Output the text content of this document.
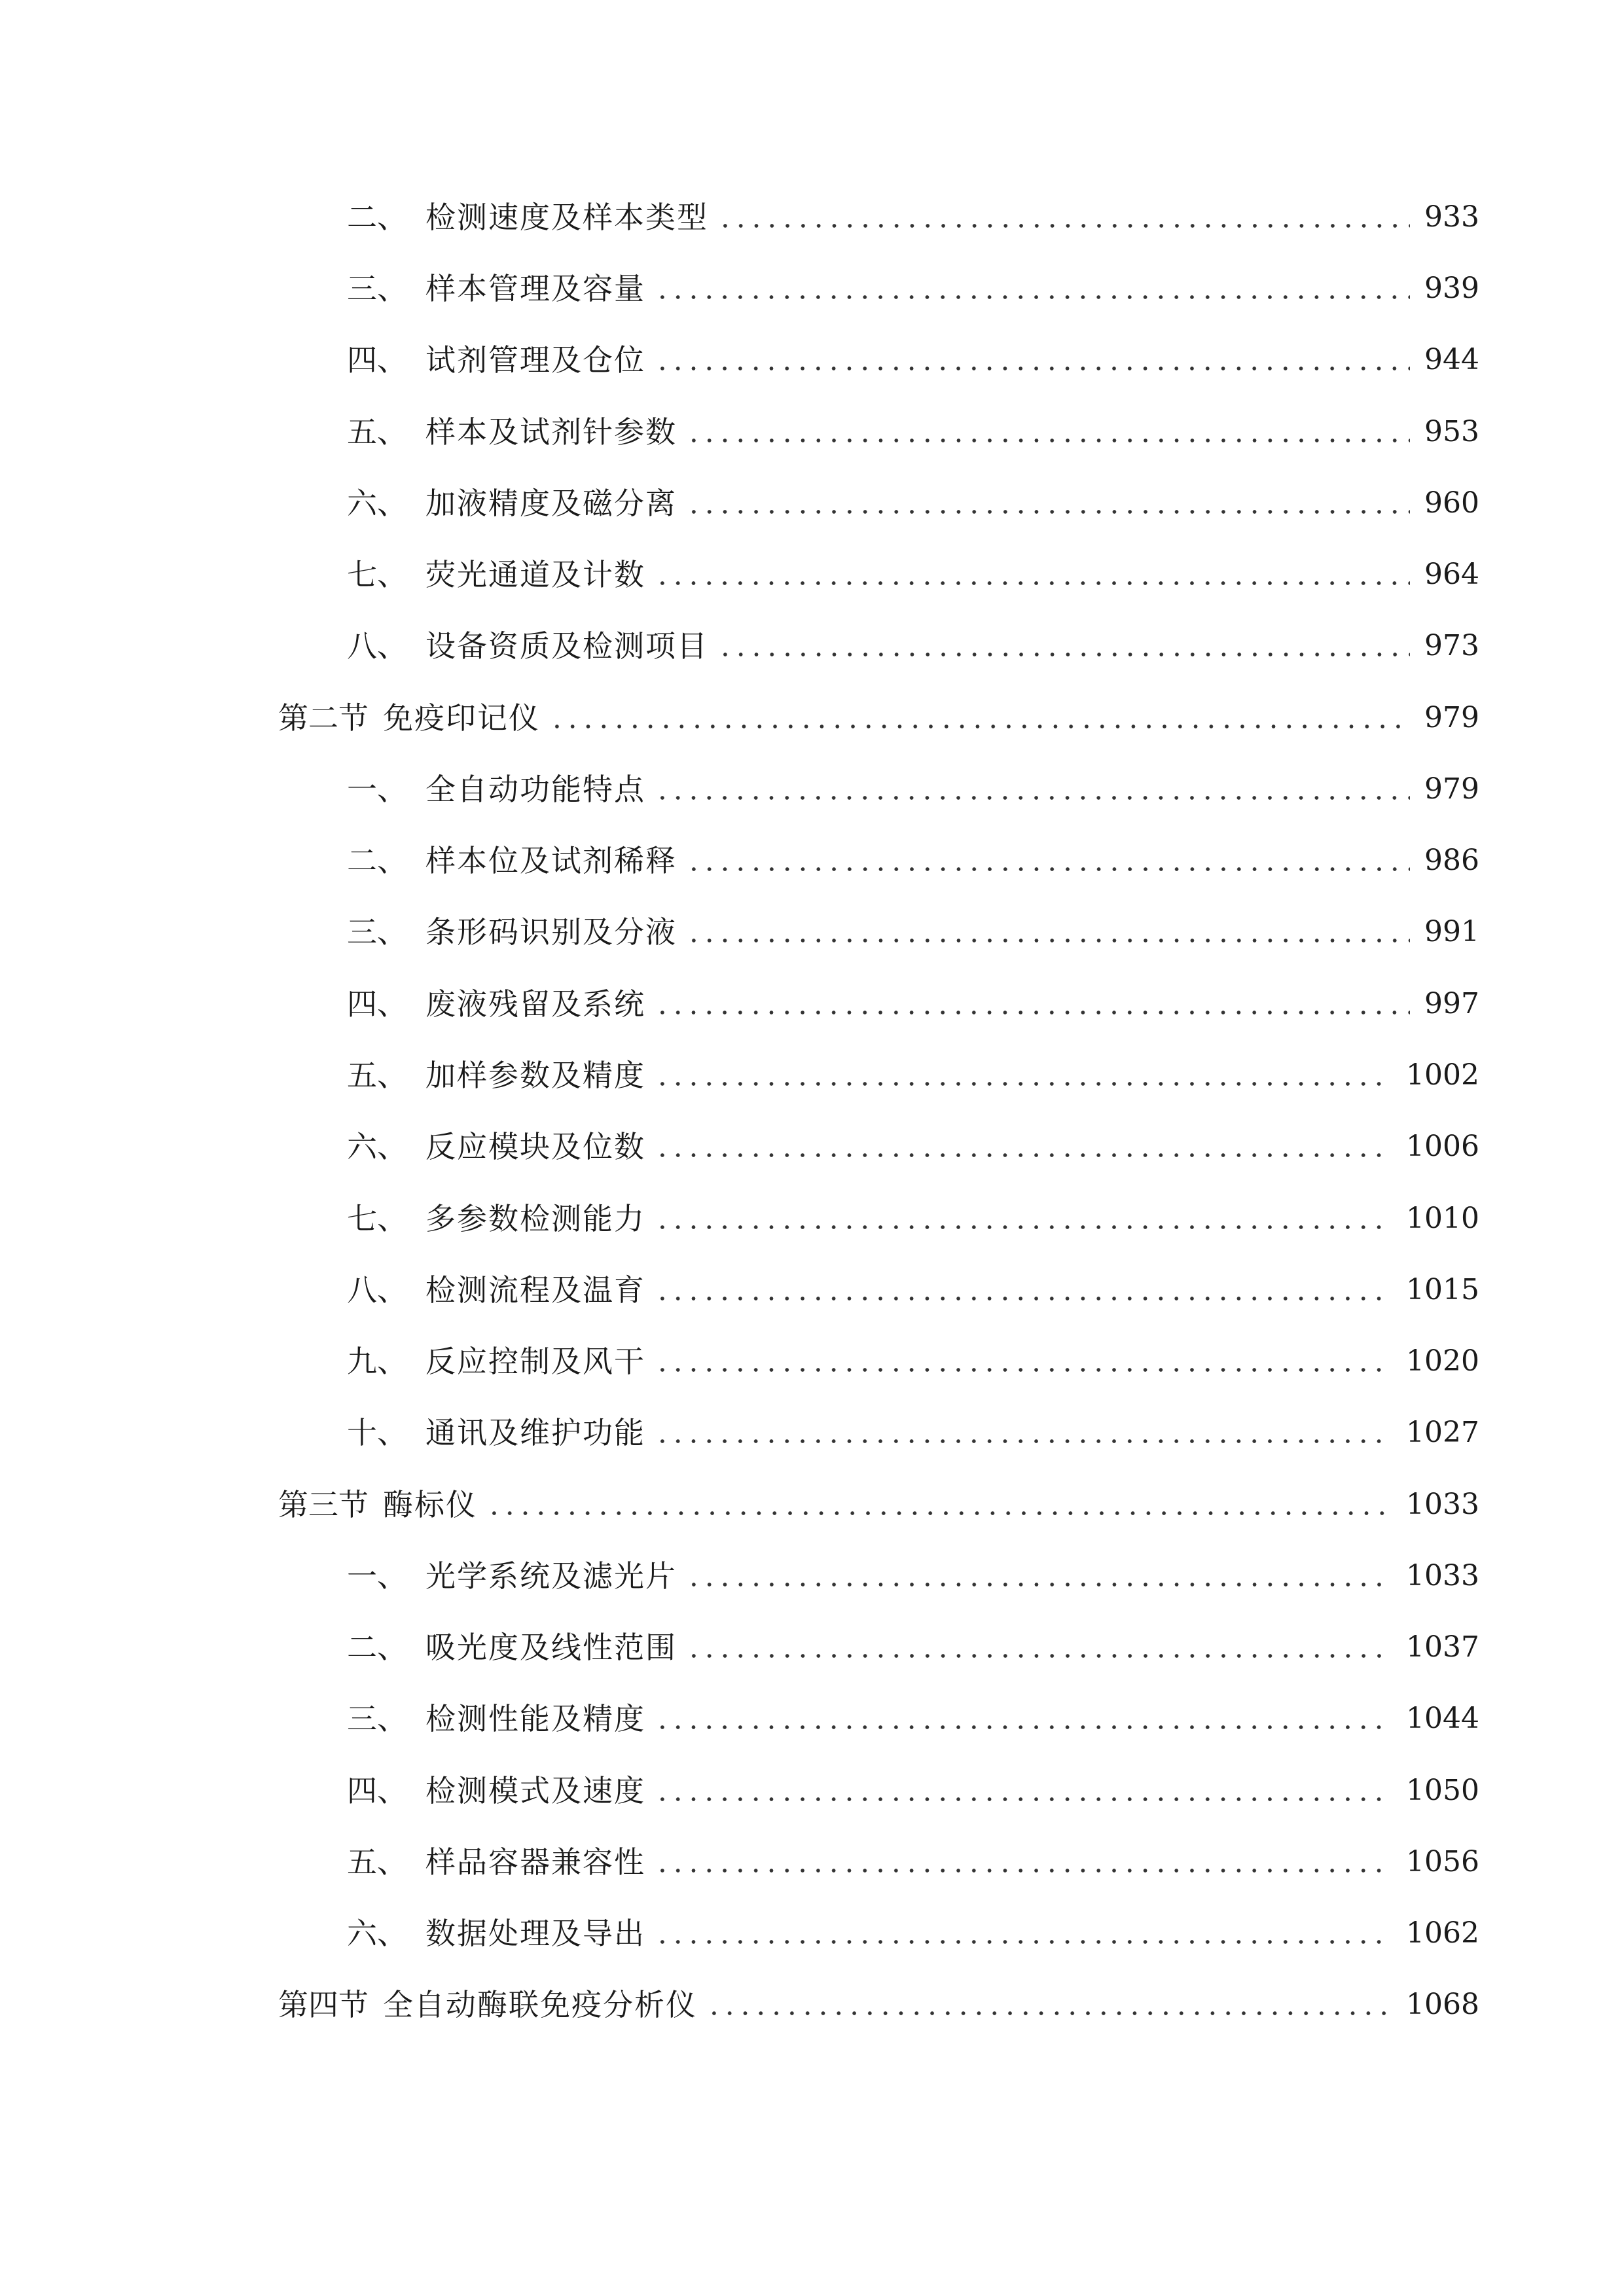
二、 检测速度及样本类型	933
三、 样本管理及容量	939
四、 试剂管理及仓位	944
五、 样本及试剂针参数	953
六、 加液精度及磁分离	960
七、 荧光通道及计数	964
八、 设备资质及检测项目	973
第二节 免疫印记仪	979
一、 全自动功能特点	979
二、 样本位及试剂稀释	986
三、 条形码识别及分液	991
四、 废液残留及系统	997
五、 加样参数及精度	1002
六、 反应模块及位数	1006
七、 多参数检测能力	1010
八、 检测流程及温育	1015
九、 反应控制及风干	1020
十、 通讯及维护功能	1027
第三节 酶标仪	1033
一、 光学系统及滤光片	1033
二、 吸光度及线性范围	1037
三、 检测性能及精度	1044
四、 检测模式及速度	1050
五、 样品容器兼容性	1056
六、 数据处理及导出	1062
第四节 全自动酶联免疫分析仪	1068
